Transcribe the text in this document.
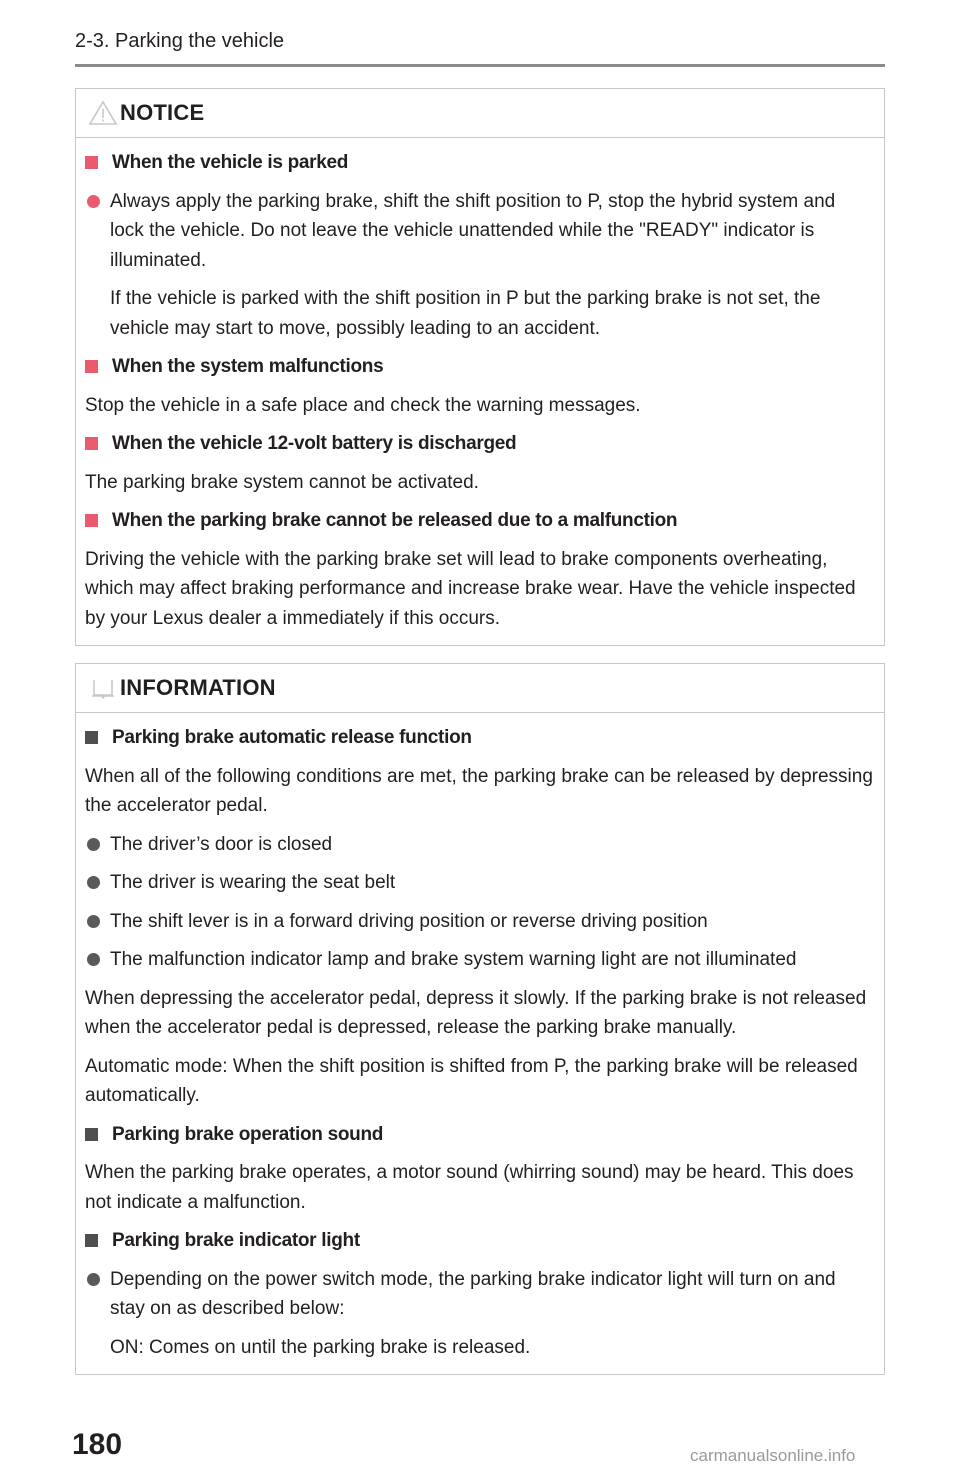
2-3. Parking the vehicle
NOTICE
When the vehicle is parked
Always apply the parking brake, shift the shift position to P, stop the hybrid system and lock the vehicle. Do not leave the vehicle unattended while the "READY" indicator is illuminated.
If the vehicle is parked with the shift position in P but the parking brake is not set, the vehicle may start to move, possibly leading to an accident.
When the system malfunctions
Stop the vehicle in a safe place and check the warning messages.
When the vehicle 12-volt battery is discharged
The parking brake system cannot be activated.
When the parking brake cannot be released due to a malfunction
Driving the vehicle with the parking brake set will lead to brake components overheating, which may affect braking performance and increase brake wear. Have the vehicle inspected by your Lexus dealer a immediately if this occurs.
INFORMATION
Parking brake automatic release function
When all of the following conditions are met, the parking brake can be released by depressing the accelerator pedal.
The driver’s door is closed
The driver is wearing the seat belt
The shift lever is in a forward driving position or reverse driving position
The malfunction indicator lamp and brake system warning light are not illuminated
When depressing the accelerator pedal, depress it slowly. If the parking brake is not released when the accelerator pedal is depressed, release the parking brake manually.
Automatic mode: When the shift position is shifted from P, the parking brake will be released automatically.
Parking brake operation sound
When the parking brake operates, a motor sound (whirring sound) may be heard. This does not indicate a malfunction.
Parking brake indicator light
Depending on the power switch mode, the parking brake indicator light will turn on and stay on as described below:
ON: Comes on until the parking brake is released.
180	carmanualsonline.info
